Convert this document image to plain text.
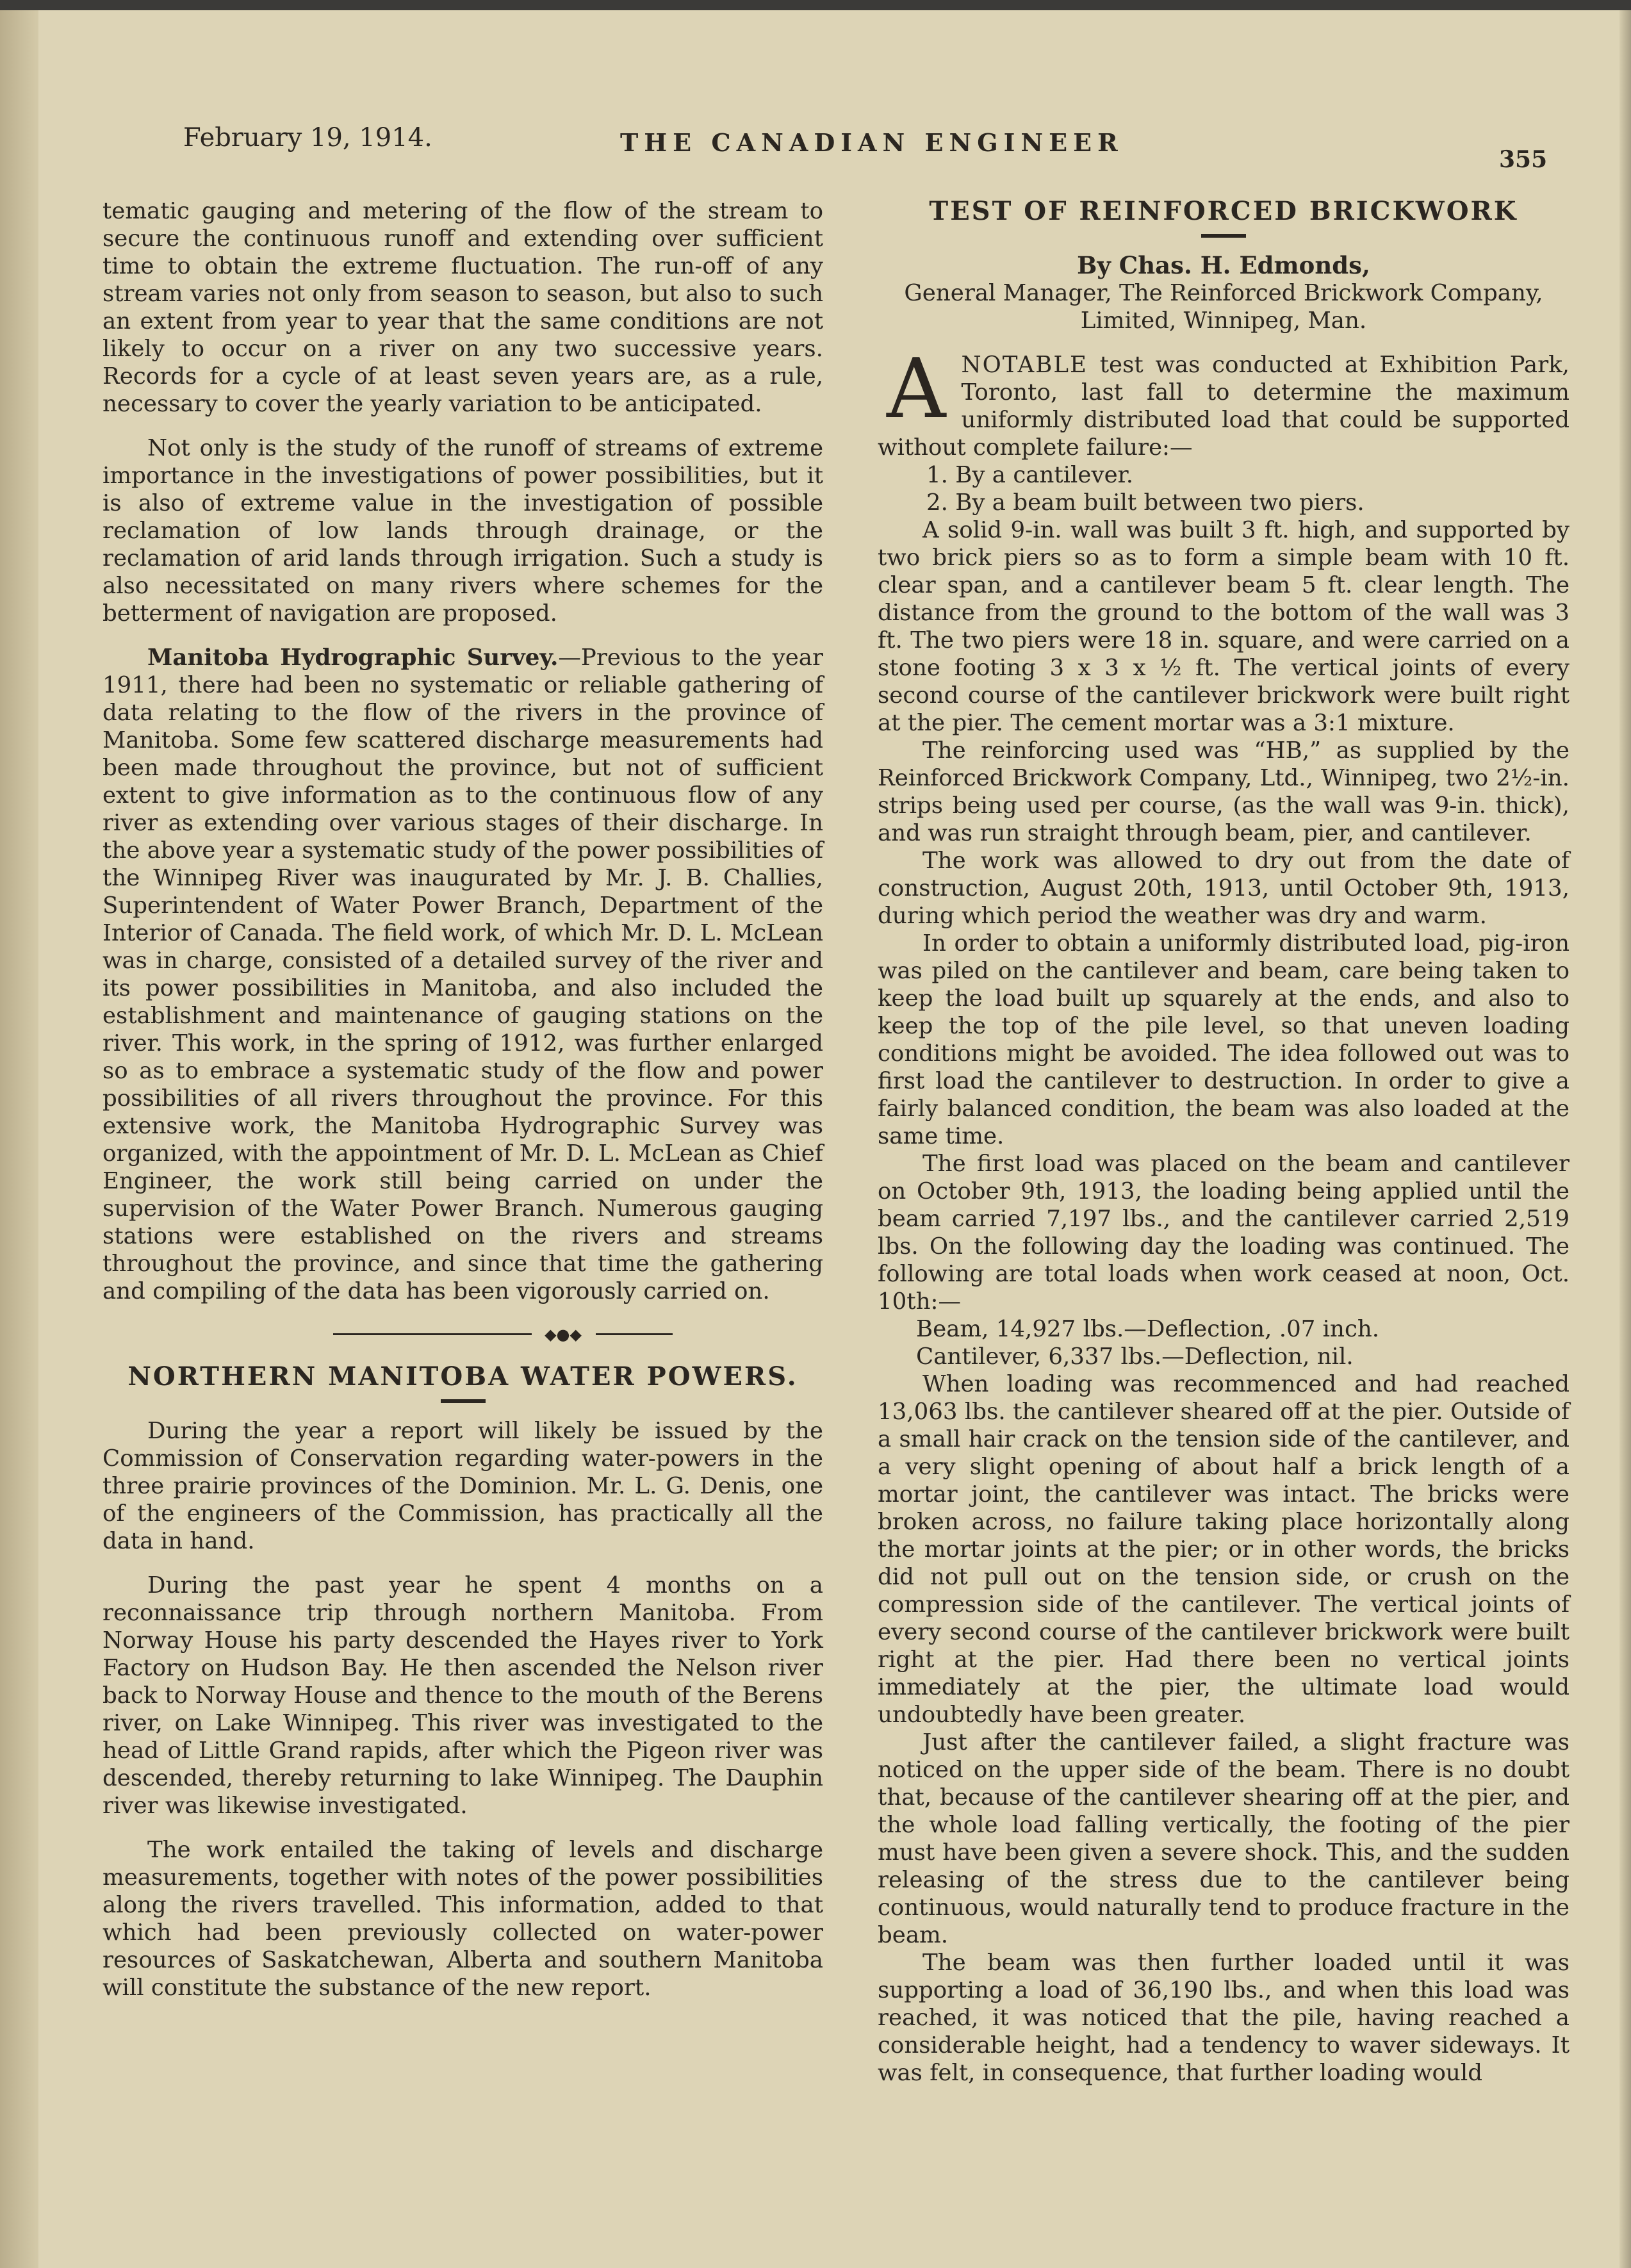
February 19, 1914.	THE CANADIAN ENGINEER
355

tematic gauging and metering of the flow of the stream to secure the continuous runoff and extending over sufficient time to obtain the extreme fluctuation. The run-off of any stream varies not only from season to season, but also to such an extent from year to year that the same conditions are not likely to occur on a river on any two successive years. Records for a cycle of at least seven years are, as a rule, necessary to cover the yearly variation to be anticipated.

Not only is the study of the runoff of streams of extreme importance in the investigations of power possibilities, but it is also of extreme value in the investigation of possible reclamation of low lands through drainage, or the reclamation of arid lands through irrigation. Such a study is also necessitated on many rivers where schemes for the betterment of navigation are proposed.

Manitoba Hydrographic Survey.—Previous to the year 1911, there had been no systematic or reliable gathering of data relating to the flow of the rivers in the province of Manitoba. Some few scattered discharge measurements had been made throughout the province, but not of sufficient extent to give information as to the continuous flow of any river as extending over various stages of their discharge. In the above year a systematic study of the power possibilities of the Winnipeg River was inaugurated by Mr. J. B. Challies, Superintendent of Water Power Branch, Department of the Interior of Canada. The field work, of which Mr. D. L. McLean was in charge, consisted of a detailed survey of the river and its power possibilities in Manitoba, and also included the establishment and maintenance of gauging stations on the river. This work, in the spring of 1912, was further enlarged so as to embrace a systematic study of the flow and power possibilities of all rivers throughout the province. For this extensive work, the Manitoba Hydrographic Survey was organized, with the appointment of Mr. D. L. McLean as Chief Engineer, the work still being carried on under the supervision of the Water Power Branch. Numerous gauging stations were established on the rivers and streams throughout the province, and since that time the gathering and compiling of the data has been vigorously carried on.

◆●◆

NORTHERN MANITOBA WATER POWERS.

During the year a report will likely be issued by the Commission of Conservation regarding water-powers in the three prairie provinces of the Dominion. Mr. L. G. Denis, one of the engineers of the Commission, has practically all the data in hand.

During the past year he spent 4 months on a reconnaissance trip through northern Manitoba. From Norway House his party descended the Hayes river to York Factory on Hudson Bay. He then ascended the Nelson river back to Norway House and thence to the mouth of the Berens river, on Lake Winnipeg. This river was investigated to the head of Little Grand rapids, after which the Pigeon river was descended, thereby returning to lake Winnipeg. The Dauphin river was likewise investigated.

The work entailed the taking of levels and discharge measurements, together with notes of the power possibilities along the rivers travelled. This information, added to that which had been previously collected on water-power resources of Saskatchewan, Alberta and southern Manitoba will constitute the substance of the new report.

TEST OF REINFORCED BRICKWORK

By Chas. H. Edmonds,

General Manager, The Reinforced Brickwork Company, Limited, Winnipeg, Man.

A NOTABLE test was conducted at Exhibition Park, Toronto, last fall to determine the maximum uniformly distributed load that could be supported without complete failure:—

1. By a cantilever.

2. By a beam built between two piers.

A solid 9-in. wall was built 3 ft. high, and supported by two brick piers so as to form a simple beam with 10 ft. clear span, and a cantilever beam 5 ft. clear length. The distance from the ground to the bottom of the wall was 3 ft. The two piers were 18 in. square, and were carried on a stone footing 3 x 3 x ½ ft. The vertical joints of every second course of the cantilever brickwork were built right at the pier. The cement mortar was a 3:1 mixture.

The reinforcing used was “HB,” as supplied by the Reinforced Brickwork Company, Ltd., Winnipeg, two 2½-in. strips being used per course, (as the wall was 9-in. thick), and was run straight through beam, pier, and cantilever.

The work was allowed to dry out from the date of construction, August 20th, 1913, until October 9th, 1913, during which period the weather was dry and warm.

In order to obtain a uniformly distributed load, pig-iron was piled on the cantilever and beam, care being taken to keep the load built up squarely at the ends, and also to keep the top of the pile level, so that uneven loading conditions might be avoided. The idea followed out was to first load the cantilever to destruction. In order to give a fairly balanced condition, the beam was also loaded at the same time.

The first load was placed on the beam and cantilever on October 9th, 1913, the loading being applied until the beam carried 7,197 lbs., and the cantilever carried 2,519 lbs. On the following day the loading was continued. The following are total loads when work ceased at noon, Oct. 10th:—

Beam, 14,927 lbs.—Deflection, .07 inch.

Cantilever, 6,337 lbs.—Deflection, nil.

When loading was recommenced and had reached 13,063 lbs. the cantilever sheared off at the pier. Outside of a small hair crack on the tension side of the cantilever, and a very slight opening of about half a brick length of a mortar joint, the cantilever was intact. The bricks were broken across, no failure taking place horizontally along the mortar joints at the pier; or in other words, the bricks did not pull out on the tension side, or crush on the compression side of the cantilever. The vertical joints of every second course of the cantilever brickwork were built right at the pier. Had there been no vertical joints immediately at the pier, the ultimate load would undoubtedly have been greater.

Just after the cantilever failed, a slight fracture was noticed on the upper side of the beam. There is no doubt that, because of the cantilever shearing off at the pier, and the whole load falling vertically, the footing of the pier must have been given a severe shock. This, and the sudden releasing of the stress due to the cantilever being continuous, would naturally tend to produce fracture in the beam.

The beam was then further loaded until it was supporting a load of 36,190 lbs., and when this load was reached, it was noticed that the pile, having reached a considerable height, had a tendency to waver sideways. It was felt, in consequence, that further loading would
